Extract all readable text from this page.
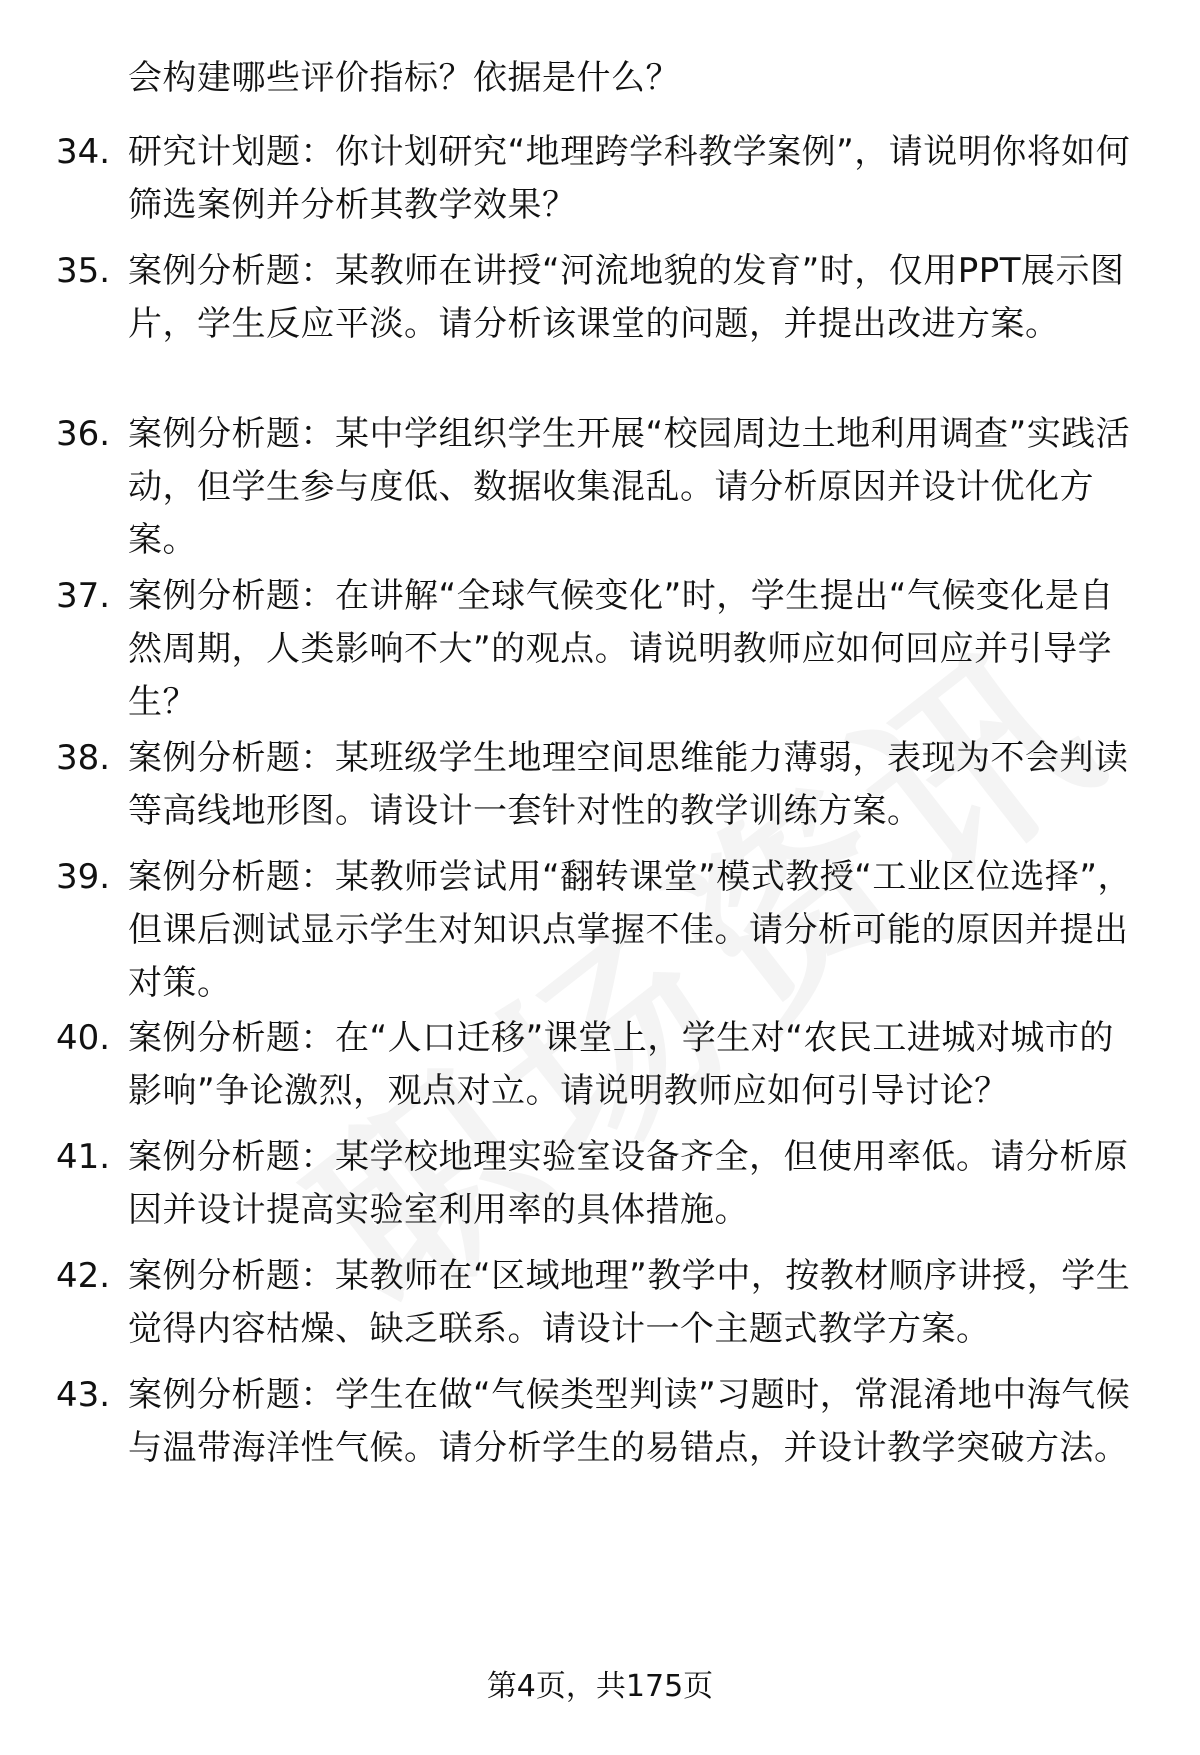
会构建哪些评价指标？依据是什么？
34. 研究计划题：你计划研究“地理跨学科教学案例”，请说明你将如何筛选案例并分析其教学效果？
35. 案例分析题：某教师在讲授“河流地貌的发育”时，仅用PPT展示图片，学生反应平淡。请分析该课堂的问题，并提出改进方案。
36. 案例分析题：某中学组织学生开展“校园周边土地利用调查”实践活动，但学生参与度低、数据收集混乱。请分析原因并设计优化方案。
37. 案例分析题：在讲解“全球气候变化”时，学生提出“气候变化是自然周期，人类影响不大”的观点。请说明教师应如何回应并引导学生？
38. 案例分析题：某班级学生地理空间思维能力薄弱，表现为不会判读等高线地形图。请设计一套针对性的教学训练方案。
39. 案例分析题：某教师尝试用“翻转课堂”模式教授“工业区位选择”，但课后测试显示学生对知识点掌握不佳。请分析可能的原因并提出对策。
40. 案例分析题：在“人口迁移”课堂上，学生对“农民工进城对城市的影响”争论激烈，观点对立。请说明教师应如何引导讨论？
41. 案例分析题：某学校地理实验室设备齐全，但使用率低。请分析原因并设计提高实验室利用率的具体措施。
42. 案例分析题：某教师在“区域地理”教学中，按教材顺序讲授，学生觉得内容枯燥、缺乏联系。请设计一个主题式教学方案。
43. 案例分析题：学生在做“气候类型判读”习题时，常混淆地中海气候与温带海洋性气候。请分析学生的易错点，并设计教学突破方法。
第4页，共175页
